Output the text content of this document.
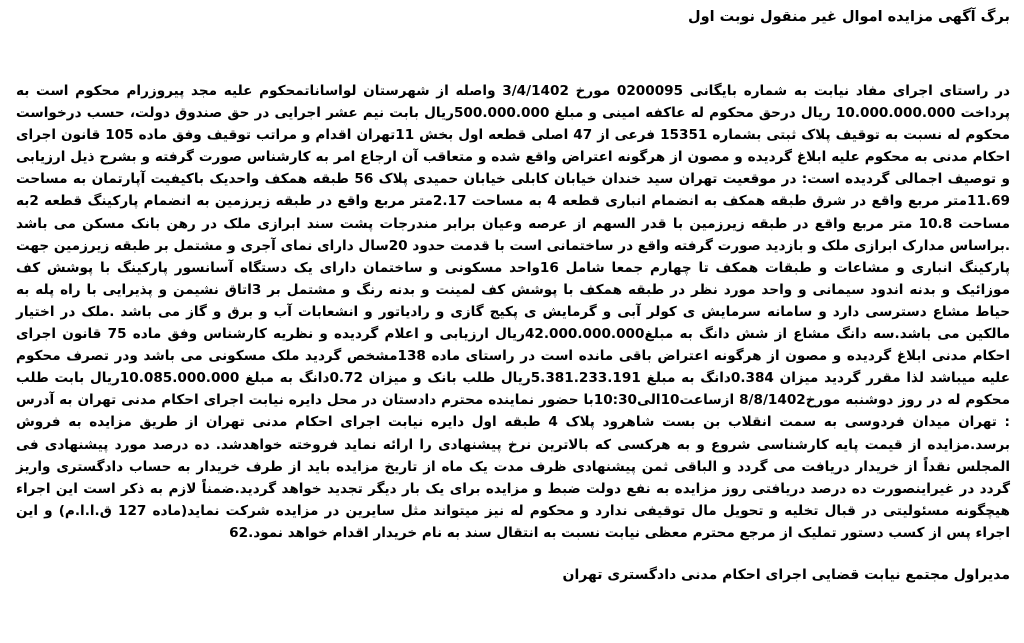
برگ آگهی مزایده اموال غیر منقول نوبت اول

در راستای اجرای مفاد نیابت به شماره بایگانی 0200095 مورخ 3/4/1402 واصله از شهرستان لواساناتمحکوم علیه مجد پیروزرام محکوم است به پرداخت 10.000.000.000 ریال درحق محکوم له عاکفه امینی و مبلغ 500.000.000ریال بابت نیم عشر اجرایی در حق صندوق دولت، حسب درخواست محکوم له نسبت به توقیف پلاک ثبتی بشماره 15351 فرعی از 47 اصلی قطعه اول بخش 11تهران اقدام و مراتب توقیف وفق ماده 105 قانون اجرای احکام مدنی به محکوم علیه ابلاغ گردیده و مصون از هرگونه اعتراض واقع شده و متعاقب آن ارجاع امر به کارشناس صورت گرفته و بشرح ذیل ارزیابی و توصیف اجمالی گردیده است: در موقعیت تهران سید خندان خیابان کابلی خیابان حمیدی پلاک 56 طبقه همکف واحدیک باکیفیت آپارتمان به مساحت 11.69متر مربع واقع در شرق طبقه همکف به انضمام انباری قطعه 4 به مساحت 2.17متر مربع واقع در طبقه زیرزمین به انضمام پارکینگ قطعه 2به مساحت 10.8 متر مربع واقع در طبقه زیرزمین با قدر السهم از عرصه وعیان برابر مندرجات پشت سند ابرازی ملک در رهن بانک مسکن می باشد .براساس مدارک ابرازی ملک و بازدید صورت گرفته واقع در ساختمانی است با قدمت حدود 20سال دارای نمای آجری و مشتمل بر طبقه زیرزمین جهت پارکینگ انباری و مشاعات و طبقات همکف تا چهارم جمعا شامل 16واحد مسکونی و ساختمان دارای یک دستگاه آسانسور پارکینگ با پوشش کف موزائیک و بدنه اندود سیمانی و واحد مورد نظر در طبقه همکف با پوشش کف لمینت و بدنه رنگ و مشتمل بر 3اتاق نشیمن و پذیرایی با راه پله به حیاط مشاع دسترسی دارد و سامانه سرمایش ی کولر آبی و گرمایش ی پکیج گازی و رادیاتور و انشعابات آب و برق و گاز می باشد .ملک در اختیار مالکین می باشد.سه دانگ مشاع از شش دانگ به مبلغ42.000.000.000ریال ارزیابی و اعلام گردیده و نظریه کارشناس وفق ماده 75 قانون اجرای احکام مدنی ابلاغ گردیده و مصون از هرگونه اعتراض باقی مانده است در راستای ماده 138مشخص گردید ملک مسکونی می باشد ودر تصرف محکوم علیه میباشد لذا مقرر گردید میزان 0.384دانگ به مبلغ 5.381.233.191ریال طلب بانک و میزان 0.72دانگ به مبلغ 10.085.000.000ریال بابت طلب محکوم له در روز دوشنبه مورخ8/8/1402 ازساعت10الی10:30با حضور نماینده محترم دادستان در محل دایره نیابت اجرای احکام مدنی تهران به آدرس : تهران میدان فردوسی به سمت انقلاب بن بست شاهرود پلاک 4 طبقه اول دایره نیابت اجرای احکام مدنی تهران از طریق مزایده به فروش برسد.مزایده از قیمت پایه کارشناسی شروع و به هرکسی که بالاترین نرخ پیشنهادی را ارائه نماید فروخته خواهدشد. ده درصد مورد پیشنهادی فی المجلس نقداً از خریدار دریافت می گردد و الباقی ثمن پیشنهادی ظرف مدت یک ماه از تاریخ مزایده باید از طرف خریدار به حساب دادگستری واریز گردد در غیراینصورت ده درصد دریافتی روز مزایده به نفع دولت ضبط و مزایده برای یک بار دیگر تجدید خواهد گردید.ضمناً لازم به ذکر است این اجراء هیچگونه مسئولیتی در قبال تخلیه و تحویل مال توقیفی ندارد و محکوم له نیز میتواند مثل سایرین در مزایده شرکت نماید(ماده 127 ق.ا.ا.م) و این اجراء پس از کسب دستور تملیک از مرجع محترم معظی نیابت نسبت به انتقال سند به نام خریدار اقدام خواهد نمود.62

مدیراول مجتمع نیابت قضایی اجرای احکام مدنی دادگستری تهران
